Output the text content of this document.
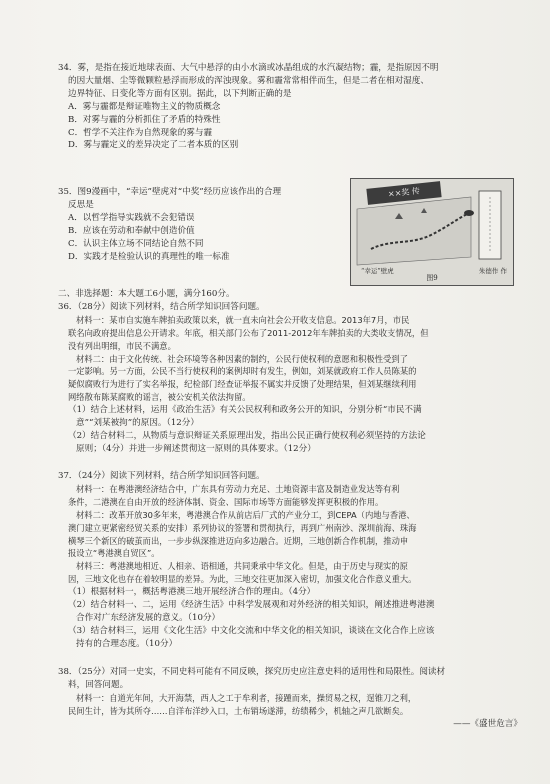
34．雾，是指在接近地球表面、大气中悬浮的由小水滴或冰晶组成的水汽凝结物；霾，是指原因不明
的因大量烟、尘等微颗粒悬浮而形成的浑浊现象。雾和霾常常相伴而生，但是二者在相对湿度、
边界特征、日变化等方面有区别。据此，以下判断正确的是
A．雾与霾都是辩证唯物主义的物质概念
B．对雾与霾的分析抓住了矛盾的特殊性
C．哲学不关注作为自然现象的雾与霾
D．雾与霾定义的差异决定了二者本质的区别
35．图9漫画中，“幸运”壁虎对“中奖”经历应该作出的合理
反思是
A．以哲学指导实践就不会犯错误
B．应该在劳动和奉献中创造价值
C．认识主体立场不同结论自然不同
D．实践才是检验认识的真理性的唯一标准
××奖 传
“幸运”壁虎	朱德作 作
图9
二、非选择题：本大题工6小题，满分160分。
36．（28分）阅读下列材料，结合所学知识回答问题。
材料一：某市自实施车牌拍卖政策以来，就一直未向社会公开收支信息。2013年7月，市民
联名向政府提出信息公开请求。年底，相关部门公布了2011-2012年车牌拍卖的大类收支情况，但
没有列出明细，市民不满意。
材料二：由于文化传统、社会环境等各种因素的制约，公民行使权利的意愿和积极性受到了
一定影响。另一方面，公民不当行使权利的案例却时有发生，例如，刘某就政府工作人员陈某的
疑似腐败行为进行了实名举报，纪检部门经查证举报不属实并反馈了处理结果，但刘某继续利用
网络散布陈某腐败的谣言，被公安机关依法拘留。
（1）结合上述材料，运用《政治生活》有关公民权利和政务公开的知识，分别分析“市民不满
意”“刘某被拘”的原因。（12分）
（2）结合材料二，从物质与意识辩证关系原理出发，指出公民正确行使权利必须坚持的方法论
原则；（4分）并进一步阐述贯彻这一原则的具体要求。（12分）
37．（24分）阅读下列材料，结合所学知识回答问题。
材料一：在粤港澳经济结合中，广东具有劳动力充足、土地资源丰富及制造业发达等有利
条件，二港澳在自由开放的经济体制、资金、国际市场等方面能够发挥更积极的作用。
材料二：改革开放30多年来，粤港澳合作从前店后厂式的产业分工，到CEPA（内地与香港、
澳门建立更紧密经贸关系的安排）系列协议的签署和贯彻执行，再到广州南沙、深圳前海、珠海
横琴三个新区的破茧而出，一步步纵深推进迈向多边融合。近期，三地创新合作机制，推动申
报设立“粤港澳自贸区”。
材料三：粤港澳地相近、人相亲、语相通，共同秉承中华文化。但是，由于历史与现实的原
因，三地文化也存在着较明显的差异。为此，三地交往更加深入密切，加强文化合作意义重大。
（1）根据材料一，概括粤港澳三地开展经济合作的理由。（4分）
（2）结合材料一、二，运用《经济生活》中科学发展观和对外经济的相关知识，阐述推进粤港澳
合作对广东经济发展的意义。（10分）
（3）结合材料三，运用《文化生活》中文化交流和中华文化的相关知识，谈谈在文化合作上应该
持有的合理态度。（10分）
38．（25分）对同一史实，不同史料可能有不同反映，探究历史应注意史料的适用性和局限性。阅读材
料，回答问题。
材料一：自道光年间，大开海禁，西人之工于牟利者，接踵而来，操贸易之权，逞锥刀之利，
民间生计，皆为其所夺……自洋布洋纱入口，土布销场遂滞，纺绩稀少，机轴之声几欲断矣。
——《盛世危言》
